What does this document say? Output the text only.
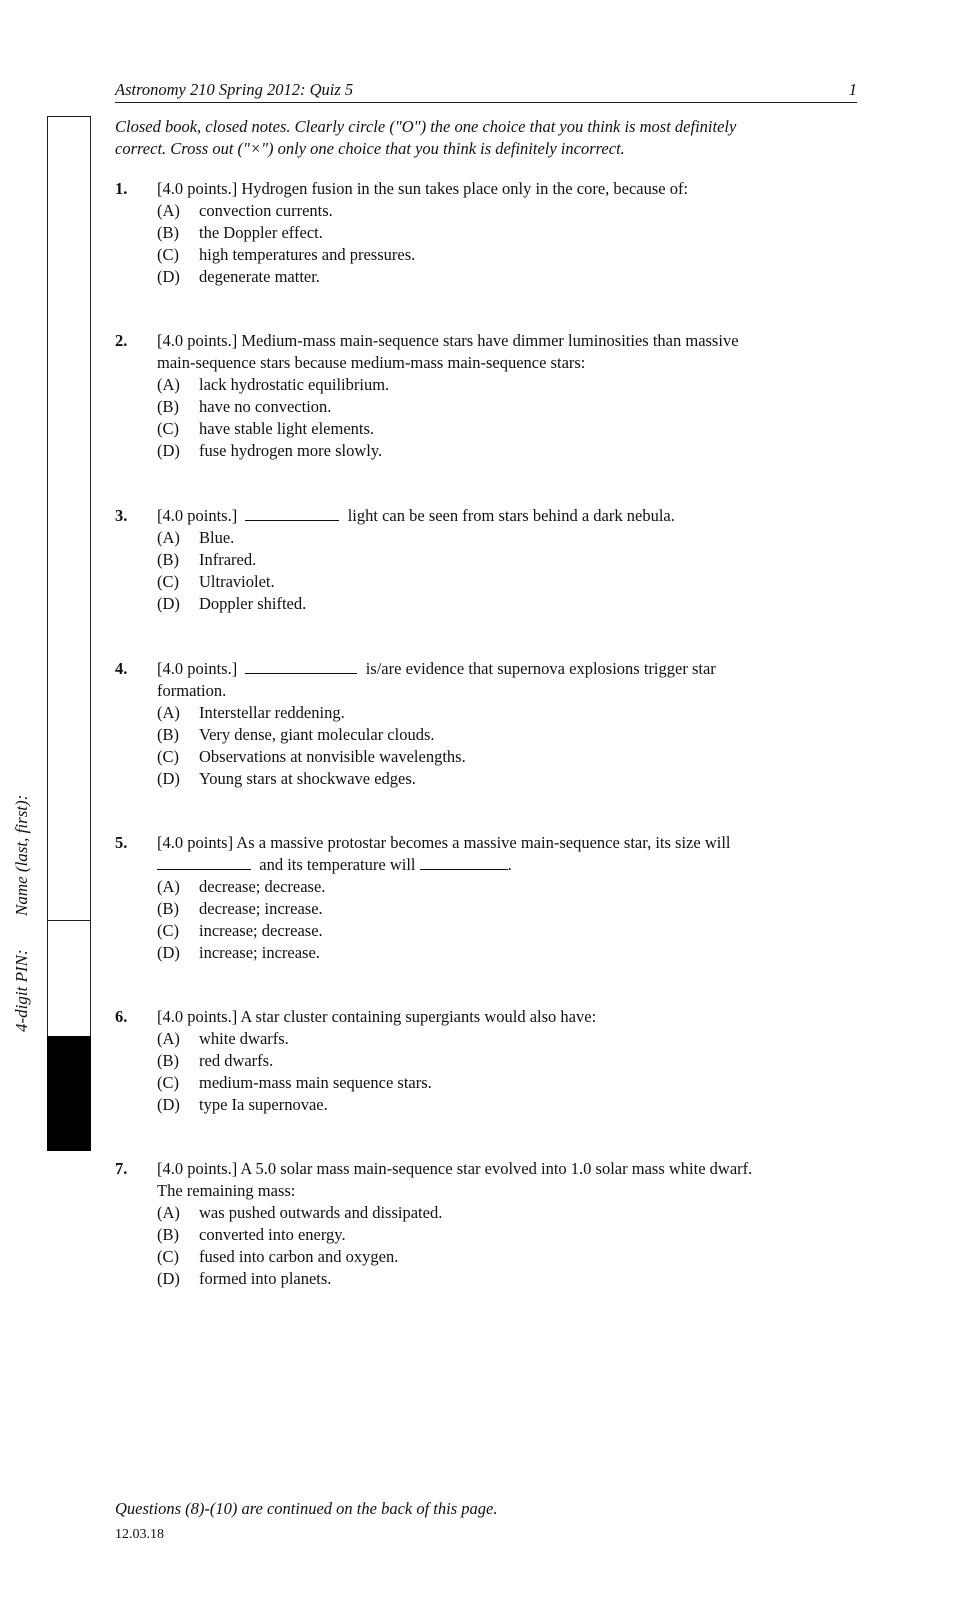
Astronomy 210 Spring 2012: Quiz 5	1
Closed book, closed notes. Clearly circle ("O") the one choice that you think is most definitely
correct. Cross out ("×") only one choice that you think is definitely incorrect.
Name (last, first):
4-digit PIN:
Quiz 5
1. [4.0 points.] Hydrogen fusion in the sun takes place only in the core, because of:
(A) convection currents.
(B) the Doppler effect.
(C) high temperatures and pressures.
(D) degenerate matter.
2. [4.0 points.] Medium-mass main-sequence stars have dimmer luminosities than massive
main-sequence stars because medium-mass main-sequence stars:
(A) lack hydrostatic equilibrium.
(B) have no convection.
(C) have stable light elements.
(D) fuse hydrogen more slowly.
3. [4.0 points.]	light can be seen from stars behind a dark nebula.
(A) Blue.
(B) Infrared.
(C) Ultraviolet.
(D) Doppler shifted.
4. [4.0 points.]	is/are evidence that supernova explosions trigger star
formation.
(A) Interstellar reddening.
(B) Very dense, giant molecular clouds.
(C) Observations at nonvisible wavelengths.
(D) Young stars at shockwave edges.
5. [4.0 points] As a massive protostar becomes a massive main-sequence star, its size will
and its temperature will	.
(A) decrease; decrease.
(B) decrease; increase.
(C) increase; decrease.
(D) increase; increase.
6. [4.0 points.] A star cluster containing supergiants would also have:
(A) white dwarfs.
(B) red dwarfs.
(C) medium-mass main sequence stars.
(D) type Ia supernovae.
7. [4.0 points.] A 5.0 solar mass main-sequence star evolved into 1.0 solar mass white dwarf.
The remaining mass:
(A) was pushed outwards and dissipated.
(B) converted into energy.
(C) fused into carbon and oxygen.
(D) formed into planets.
Questions (8)-(10) are continued on the back of this page.
12.03.18
